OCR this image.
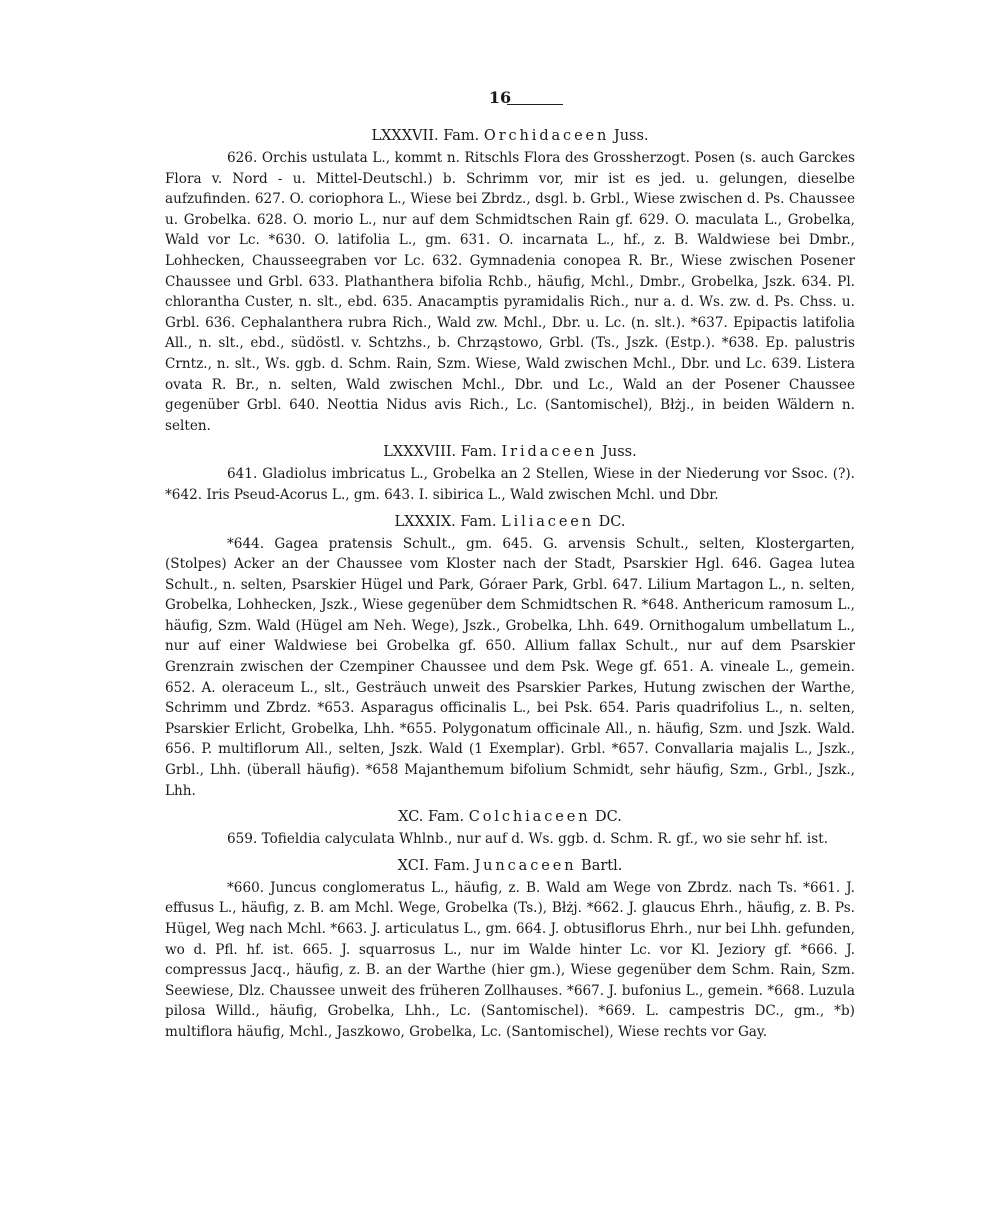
16
LXXXVII. Fam. Orchidaceen Juss.

626. Orchis ustulata L., kommt n. Ritschls Flora des Grossherzogt. Posen (s. auch Garckes Flora v. Nord - u. Mittel-Deutschl.) b. Schrimm vor, mir ist es jed. u. gelungen, dieselbe aufzufinden. 627. O. coriophora L., Wiese bei Zbrdz., dsgl. b. Grbl., Wiese zwischen d. Ps. Chaussee u. Grobelka. 628. O. morio L., nur auf dem Schmidtschen Rain gf. 629. O. maculata L., Grobelka, Wald vor Lc. *630. O. latifolia L., gm. 631. O. incarnata L., hf., z. B. Waldwiese bei Dmbr., Lohhecken, Chausseegraben vor Lc. 632. Gymnadenia conopea R. Br., Wiese zwischen Posener Chaussee und Grbl. 633. Plathanthera bifolia Rchb., häufig, Mchl., Dmbr., Grobelka, Jszk. 634. Pl. chlorantha Custer, n. slt., ebd. 635. Anacamptis pyramidalis Rich., nur a. d. Ws. zw. d. Ps. Chss. u. Grbl. 636. Cephalanthera rubra Rich., Wald zw. Mchl., Dbr. u. Lc. (n. slt.). *637. Epipactis latifolia All., n. slt., ebd., südöstl. v. Schtzhs., b. Chrząstowo, Grbl. (Ts., Jszk. (Estp.). *638. Ep. palustris Crntz., n. slt., Ws. ggb. d. Schm. Rain, Szm. Wiese, Wald zwischen Mchl., Dbr. und Lc. 639. Listera ovata R. Br., n. selten, Wald zwischen Mchl., Dbr. und Lc., Wald an der Posener Chaussee gegenüber Grbl. 640. Neottia Nidus avis Rich., Lc. (Santomischel), Błżj., in beiden Wäldern n. selten.

LXXXVIII. Fam. Iridaceen Juss.

641. Gladiolus imbricatus L., Grobelka an 2 Stellen, Wiese in der Niederung vor Ssoc. (?). *642. Iris Pseud-Acorus L., gm. 643. I. sibirica L., Wald zwischen Mchl. und Dbr.

LXXXIX. Fam. Liliaceen DC.

*644. Gagea pratensis Schult., gm. 645. G. arvensis Schult., selten, Klostergarten, (Stolpes) Acker an der Chaussee vom Kloster nach der Stadt, Psarskier Hgl. 646. Gagea lutea Schult., n. selten, Psarskier Hügel und Park, Góraer Park, Grbl. 647. Lilium Martagon L., n. selten, Grobelka, Lohhecken, Jszk., Wiese gegenüber dem Schmidtschen R. *648. Anthericum ramosum L., häufig, Szm. Wald (Hügel am Neh. Wege), Jszk., Grobelka, Lhh. 649. Ornithogalum umbellatum L., nur auf einer Waldwiese bei Grobelka gf. 650. Allium fallax Schult., nur auf dem Psarskier Grenzrain zwischen der Czempiner Chaussee und dem Psk. Wege gf. 651. A. vineale L., gemein. 652. A. oleraceum L., slt., Gesträuch unweit des Psarskier Parkes, Hutung zwischen der Warthe, Schrimm und Zbrdz. *653. Asparagus officinalis L., bei Psk. 654. Paris quadrifolius L., n. selten, Psarskier Erlicht, Grobelka, Lhh. *655. Polygonatum officinale All., n. häufig, Szm. und Jszk. Wald. 656. P. multiflorum All., selten, Jszk. Wald (1 Exemplar). Grbl. *657. Convallaria majalis L., Jszk., Grbl., Lhh. (überall häufig). *658 Majanthemum bifolium Schmidt, sehr häufig, Szm., Grbl., Jszk., Lhh.

XC. Fam. Colchiaceen DC.

659. Tofieldia calyculata Whlnb., nur auf d. Ws. ggb. d. Schm. R. gf., wo sie sehr hf. ist.

XCI. Fam. Juncaceen Bartl.

*660. Juncus conglomeratus L., häufig, z. B. Wald am Wege von Zbrdz. nach Ts. *661. J. effusus L., häufig, z. B. am Mchl. Wege, Grobelka (Ts.), Błżj. *662. J. glaucus Ehrh., häufig, z. B. Ps. Hügel, Weg nach Mchl. *663. J. articulatus L., gm. 664. J. obtusiflorus Ehrh., nur bei Lhh. gefunden, wo d. Pfl. hf. ist. 665. J. squarrosus L., nur im Walde hinter Lc. vor Kl. Jeziory gf. *666. J. compressus Jacq., häufig, z. B. an der Warthe (hier gm.), Wiese gegenüber dem Schm. Rain, Szm. Seewiese, Dlz. Chaussee unweit des früheren Zollhauses. *667. J. bufonius L., gemein. *668. Luzula pilosa Willd., häufig, Grobelka, Lhh., Lc. (Santomischel). *669. L. campestris DC., gm., *b) multiflora häufig, Mchl., Jaszkowo, Grobelka, Lc. (Santomischel), Wiese rechts vor Gay.
